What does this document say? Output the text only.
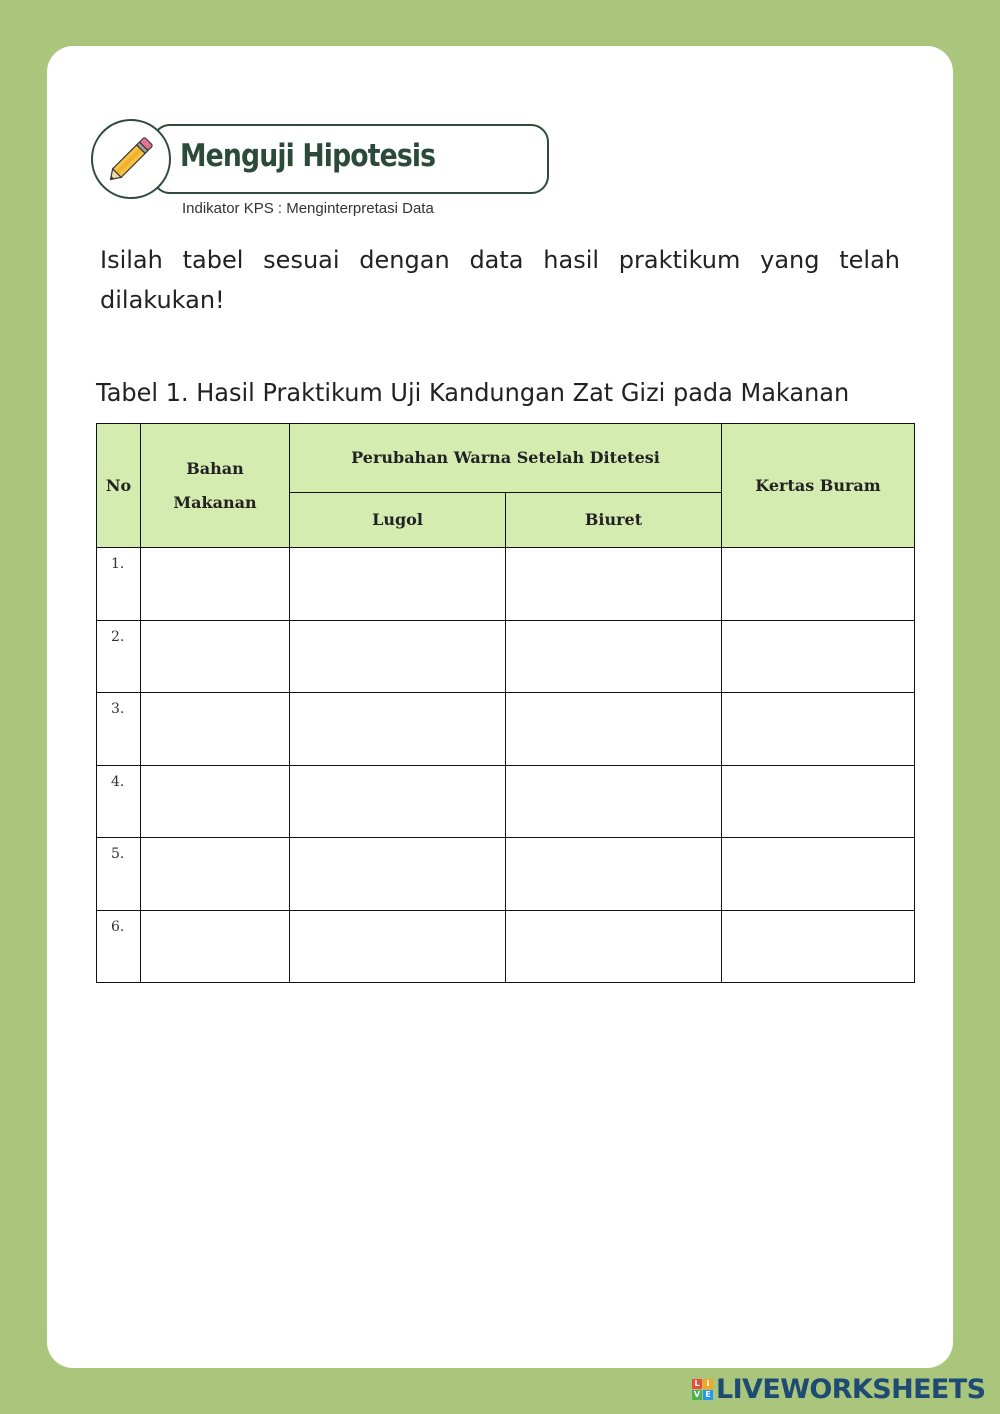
Menguji Hipotesis
Indikator KPS : Menginterpretasi Data
Isilah tabel sesuai dengan data hasil praktikum yang telah dilakukan!
Tabel 1. Hasil Praktikum Uji Kandungan Zat Gizi pada Makanan
No	Bahan Makanan	Perubahan Warna Setelah Ditetesi		Kertas Buram
		Lugol	Biuret	
1.				
2.				
3.				
4.				
5.				
6.				
L I
V E LIVEWORKSHEETS
